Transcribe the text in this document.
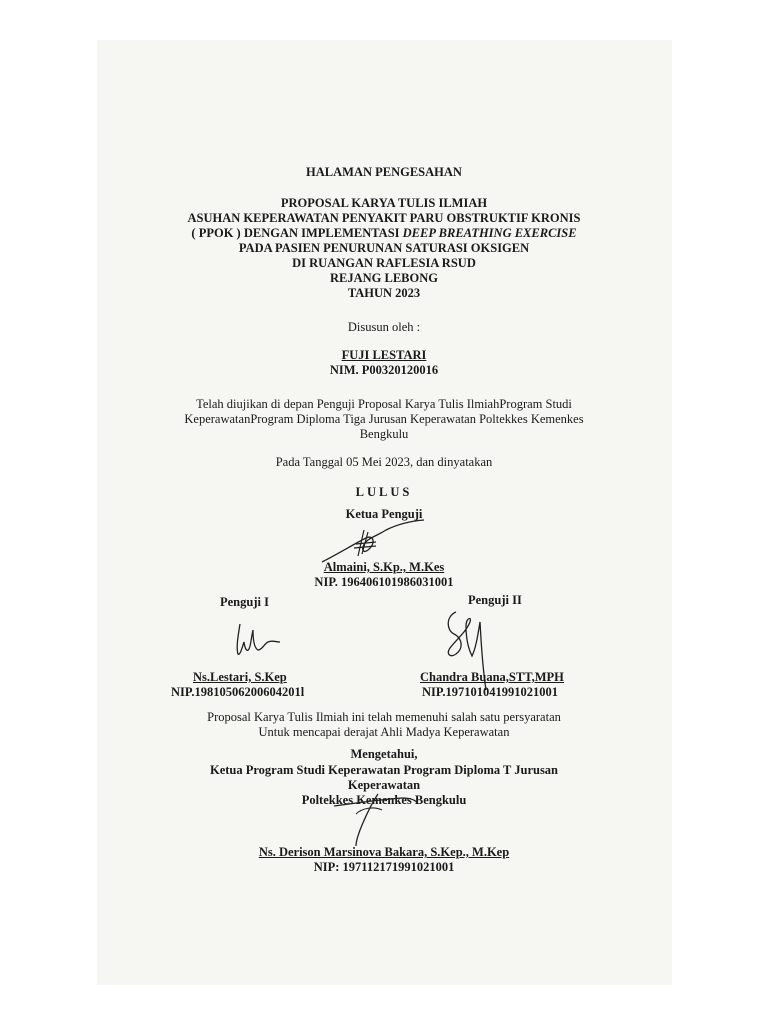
HALAMAN PENGESAHAN
PROPOSAL KARYA TULIS ILMIAH
ASUHAN KEPERAWATAN PENYAKIT PARU OBSTRUKTIF KRONIS
( PPOK ) DENGAN IMPLEMENTASI DEEP BREATHING EXERCISE
PADA PASIEN PENURUNAN SATURASI OKSIGEN
DI RUANGAN RAFLESIA RSUD
REJANG LEBONG
TAHUN 2023
Disusun oleh :
FUJI LESTARI
NIM. P00320120016
Telah diujikan di depan Penguji Proposal Karya Tulis IlmiahProgram Studi
KeperawatanProgram Diploma Tiga Jurusan Keperawatan Poltekkes Kemenkes
Bengkulu
Pada Tanggal 05 Mei 2023, dan dinyatakan
LULUS
Ketua Penguji
Almaini, S.Kp., M.Kes
NIP. 196406101986031001
Penguji I	Penguji II
Ns.Lestari, S.Kep
NIP.19810506200604201l
Chandra Buana,STT,MPH
NIP.197101041991021001
Proposal Karya Tulis Ilmiah ini telah memenuhi salah satu persyaratan
Untuk mencapai derajat Ahli Madya Keperawatan
Mengetahui,
Ketua Program Studi Keperawatan Program Diploma T Jurusan
Keperawatan
Poltekkes Kemenkes Bengkulu
Ns. Derison Marsinova Bakara, S.Kep., M.Kep
NIP: 197112171991021001
